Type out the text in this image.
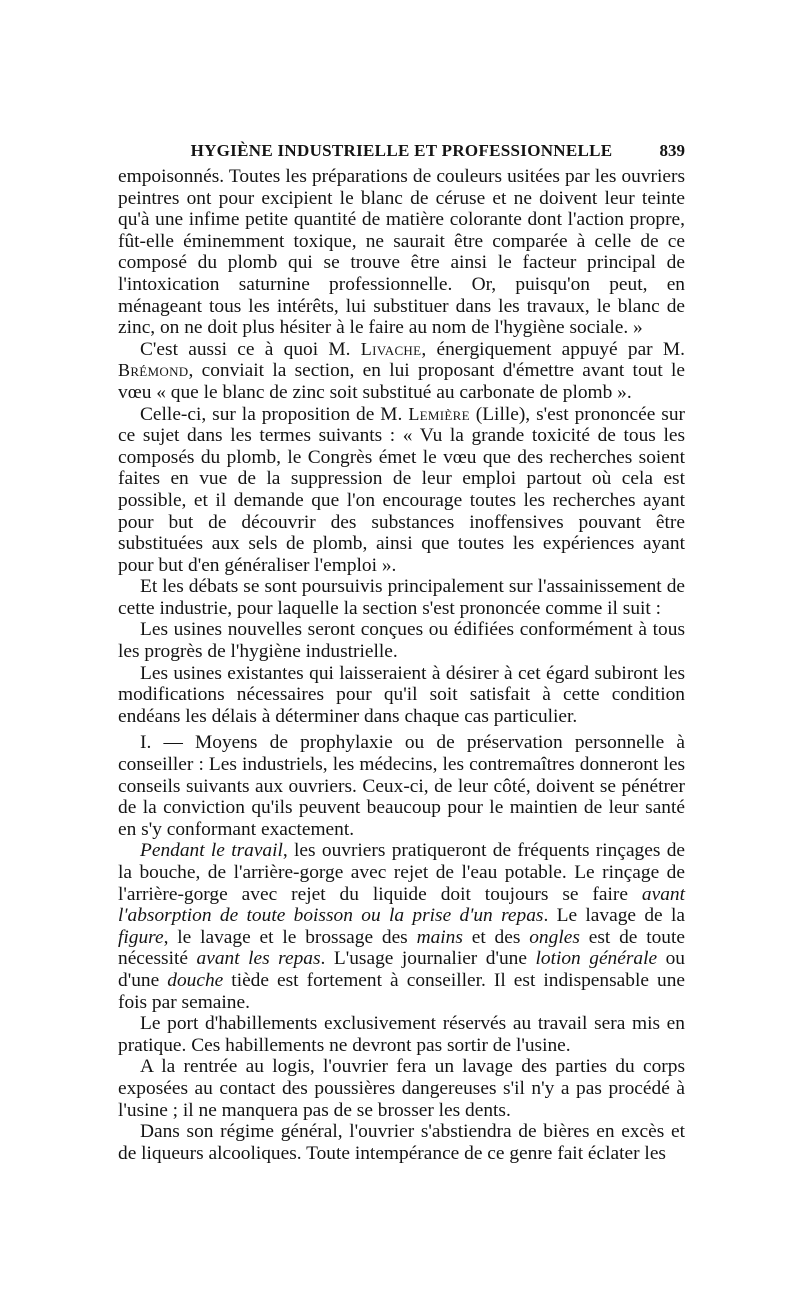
HYGIÈNE INDUSTRIELLE ET PROFESSIONNELLE	839

empoisonnés. Toutes les préparations de couleurs usitées par les ouvriers peintres ont pour excipient le blanc de céruse et ne doivent leur teinte qu'à une infime petite quantité de matière colorante dont l'action propre, fût-elle éminemment toxique, ne saurait être comparée à celle de ce composé du plomb qui se trouve être ainsi le facteur principal de l'intoxication saturnine professionnelle. Or, puisqu'on peut, en ménageant tous les intérêts, lui substituer dans les travaux, le blanc de zinc, on ne doit plus hésiter à le faire au nom de l'hygiène sociale. »

C'est aussi ce à quoi M. Livache, énergiquement appuyé par M. Brémond, conviait la section, en lui proposant d'émettre avant tout le vœu « que le blanc de zinc soit substitué au carbonate de plomb ».

Celle-ci, sur la proposition de M. Lemière (Lille), s'est prononcée sur ce sujet dans les termes suivants : « Vu la grande toxicité de tous les composés du plomb, le Congrès émet le vœu que des recherches soient faites en vue de la suppression de leur emploi partout où cela est possible, et il demande que l'on encourage toutes les recherches ayant pour but de découvrir des substances inoffensives pouvant être substituées aux sels de plomb, ainsi que toutes les expériences ayant pour but d'en généraliser l'emploi ».

Et les débats se sont poursuivis principalement sur l'assainissement de cette industrie, pour laquelle la section s'est prononcée comme il suit :

Les usines nouvelles seront conçues ou édifiées conformément à tous les progrès de l'hygiène industrielle.

Les usines existantes qui laisseraient à désirer à cet égard subiront les modifications nécessaires pour qu'il soit satisfait à cette condition endéans les délais à déterminer dans chaque cas particulier.

I. — Moyens de prophylaxie ou de préservation personnelle à conseiller : Les industriels, les médecins, les contremaîtres donneront les conseils suivants aux ouvriers. Ceux-ci, de leur côté, doivent se pénétrer de la conviction qu'ils peuvent beaucoup pour le maintien de leur santé en s'y conformant exactement.

Pendant le travail, les ouvriers pratiqueront de fréquents rinçages de la bouche, de l'arrière-gorge avec rejet de l'eau potable. Le rinçage de l'arrière-gorge avec rejet du liquide doit toujours se faire avant l'absorption de toute boisson ou la prise d'un repas. Le lavage de la figure, le lavage et le brossage des mains et des ongles est de toute nécessité avant les repas. L'usage journalier d'une lotion générale ou d'une douche tiède est fortement à conseiller. Il est indispensable une fois par semaine.

Le port d'habillements exclusivement réservés au travail sera mis en pratique. Ces habillements ne devront pas sortir de l'usine.

A la rentrée au logis, l'ouvrier fera un lavage des parties du corps exposées au contact des poussières dangereuses s'il n'y a pas procédé à l'usine ; il ne manquera pas de se brosser les dents.

Dans son régime général, l'ouvrier s'abstiendra de bières en excès et de liqueurs alcooliques. Toute intempérance de ce genre fait éclater les
